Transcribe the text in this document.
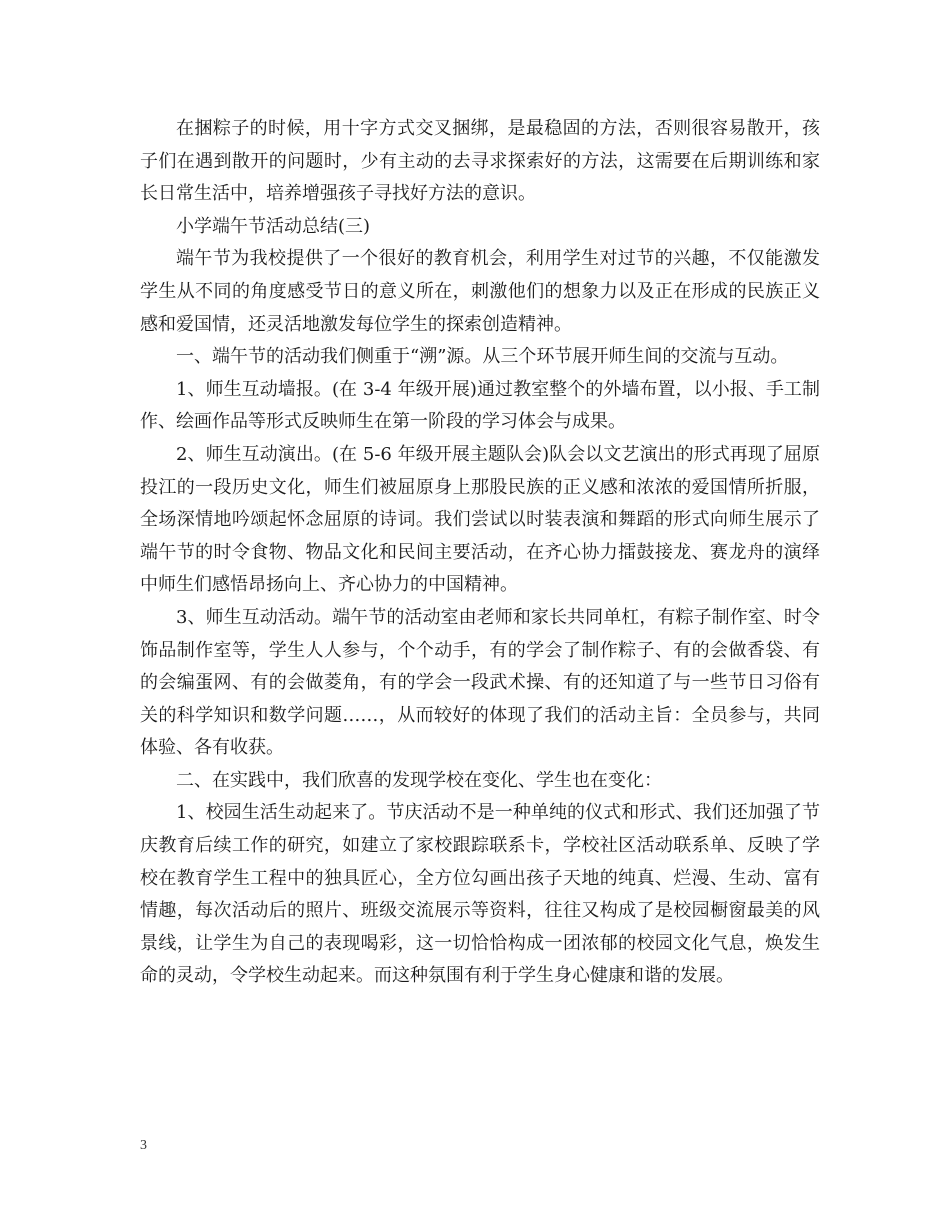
在捆粽子的时候，用十字方式交叉捆绑，是最稳固的方法，否则很容易散开，孩子们在遇到散开的问题时，少有主动的去寻求探索好的方法，这需要在后期训练和家长日常生活中，培养增强孩子寻找好方法的意识。

小学端午节活动总结(三)

端午节为我校提供了一个很好的教育机会，利用学生对过节的兴趣，不仅能激发学生从不同的角度感受节日的意义所在，刺激他们的想象力以及正在形成的民族正义感和爱国情，还灵活地激发每位学生的探索创造精神。

一、端午节的活动我们侧重于“溯”源。从三个环节展开师生间的交流与互动。

1、师生互动墙报。(在 3-4 年级开展)通过教室整个的外墙布置，以小报、手工制作、绘画作品等形式反映师生在第一阶段的学习体会与成果。

2、师生互动演出。(在 5-6 年级开展主题队会)队会以文艺演出的形式再现了屈原投江的一段历史文化，师生们被屈原身上那股民族的正义感和浓浓的爱国情所折服，全场深情地吟颂起怀念屈原的诗词。我们尝试以时装表演和舞蹈的形式向师生展示了端午节的时令食物、物品文化和民间主要活动，在齐心协力擂鼓接龙、赛龙舟的演绎中师生们感悟昂扬向上、齐心协力的中国精神。

3、师生互动活动。端午节的活动室由老师和家长共同单杠，有粽子制作室、时令饰品制作室等，学生人人参与，个个动手，有的学会了制作粽子、有的会做香袋、有的会编蛋网、有的会做菱角，有的学会一段武术操、有的还知道了与一些节日习俗有关的科学知识和数学问题……，从而较好的体现了我们的活动主旨：全员参与，共同体验、各有收获。

二、在实践中，我们欣喜的发现学校在变化、学生也在变化：

1、校园生活生动起来了。节庆活动不是一种单纯的仪式和形式、我们还加强了节庆教育后续工作的研究，如建立了家校跟踪联系卡，学校社区活动联系单、反映了学校在教育学生工程中的独具匠心，全方位勾画出孩子天地的纯真、烂漫、生动、富有情趣，每次活动后的照片、班级交流展示等资料，往往又构成了是校园橱窗最美的风景线，让学生为自己的表现喝彩，这一切恰恰构成一团浓郁的校园文化气息，焕发生命的灵动，令学校生动起来。而这种氛围有利于学生身心健康和谐的发展。

3
